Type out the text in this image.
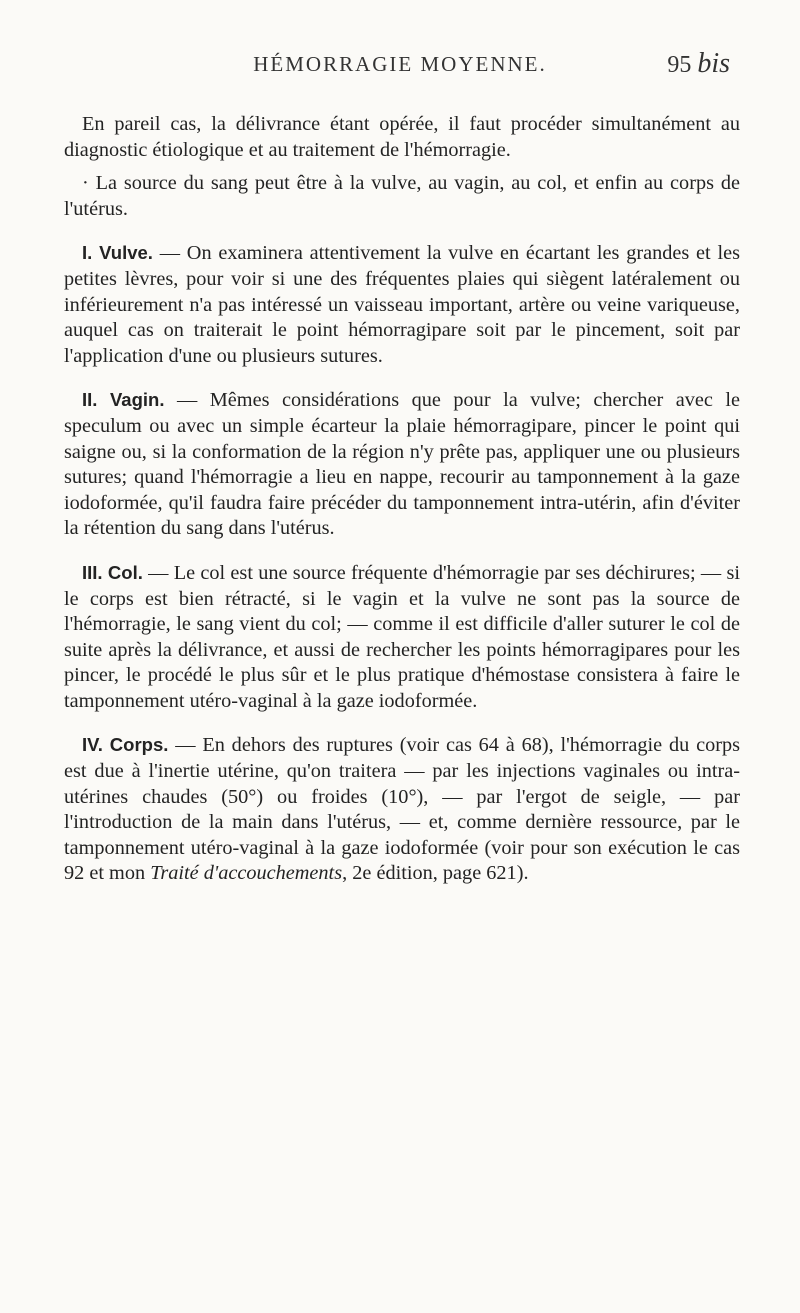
HÉMORRAGIE MOYENNE.	95 bis

En pareil cas, la délivrance étant opérée, il faut procéder simultanément au diagnostic étiologique et au traitement de l'hémorragie.

· La source du sang peut être à la vulve, au vagin, au col, et enfin au corps de l'utérus.

I. Vulve. — On examinera attentivement la vulve en écartant les grandes et les petites lèvres, pour voir si une des fréquentes plaies qui siègent latéralement ou inférieurement n'a pas intéressé un vaisseau important, artère ou veine variqueuse, auquel cas on traiterait le point hémorragipare soit par le pincement, soit par l'application d'une ou plusieurs sutures.

II. Vagin. — Mêmes considérations que pour la vulve; chercher avec le speculum ou avec un simple écarteur la plaie hémorragipare, pincer le point qui saigne ou, si la conformation de la région n'y prête pas, appliquer une ou plusieurs sutures; quand l'hémorragie a lieu en nappe, recourir au tamponnement à la gaze iodoformée, qu'il faudra faire précéder du tamponnement intra-utérin, afin d'éviter la rétention du sang dans l'utérus.

III. Col. — Le col est une source fréquente d'hémorragie par ses déchirures; — si le corps est bien rétracté, si le vagin et la vulve ne sont pas la source de l'hémorragie, le sang vient du col; — comme il est difficile d'aller suturer le col de suite après la délivrance, et aussi de rechercher les points hémorragipares pour les pincer, le procédé le plus sûr et le plus pratique d'hémostase consistera à faire le tamponnement utéro-vaginal à la gaze iodoformée.

IV. Corps. — En dehors des ruptures (voir cas 64 à 68), l'hémorragie du corps est due à l'inertie utérine, qu'on traitera — par les injections vaginales ou intra-utérines chaudes (50°) ou froides (10°), — par l'ergot de seigle, — par l'introduction de la main dans l'utérus, — et, comme dernière ressource, par le tamponnement utéro-vaginal à la gaze iodoformée (voir pour son exécution le cas 92 et mon Traité d'accouchements, 2e édition, page 621).
